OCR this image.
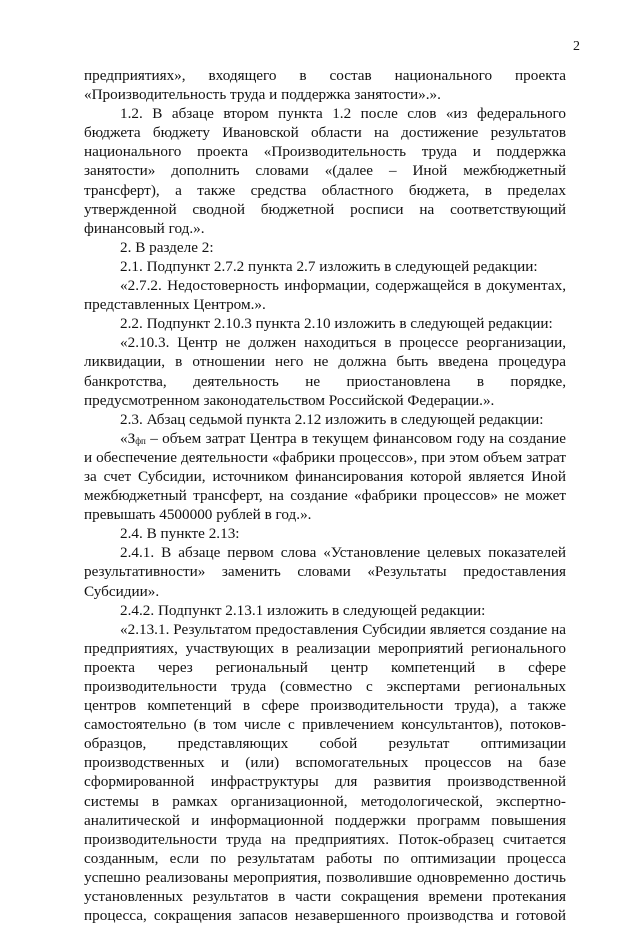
2

предприятиях», входящего в состав национального проекта «Производительность труда и поддержка занятости».».

1.2. В абзаце втором пункта 1.2 после слов «из федерального бюджета бюджету Ивановской области на достижение результатов национального проекта «Производительность труда и поддержка занятости» дополнить словами «(далее – Иной межбюджетный трансферт), а также средства областного бюджета, в пределах утвержденной сводной бюджетной росписи на соответствующий финансовый год.».

2. В разделе 2:

2.1. Подпункт 2.7.2 пункта 2.7 изложить в следующей редакции:

«2.7.2. Недостоверность информации, содержащейся в документах, представленных Центром.».

2.2. Подпункт 2.10.3 пункта 2.10 изложить в следующей редакции:

«2.10.3. Центр не должен находиться в процессе реорганизации, ликвидации, в отношении него не должна быть введена процедура банкротства, деятельность не приостановлена в порядке, предусмотренном законодательством Российской Федерации.».

2.3. Абзац седьмой пункта 2.12 изложить в следующей редакции:

«$З_{фп}$ – объем затрат Центра в текущем финансовом году на создание и обеспечение деятельности «фабрики процессов», при этом объем затрат за счет Субсидии, источником финансирования которой является Иной межбюджетный трансферт, на создание «фабрики процессов» не может превышать 4500000 рублей в год.».

2.4. В пункте 2.13:

2.4.1. В абзаце первом слова «Установление целевых показателей результативности» заменить словами «Результаты предоставления Субсидии».

2.4.2. Подпункт 2.13.1 изложить в следующей редакции:

«2.13.1. Результатом предоставления Субсидии является создание на предприятиях, участвующих в реализации мероприятий регионального проекта через региональный центр компетенций в сфере производительности труда (совместно с экспертами региональных центров компетенций в сфере производительности труда), а также самостоятельно (в том числе с привлечением консультантов), потоков-образцов, представляющих собой результат оптимизации производственных и (или) вспомогательных процессов на базе сформированной инфраструктуры для развития производственной системы в рамках организационной, методологической, экспертно-аналитической и информационной поддержки программ повышения производительности труда на предприятиях. Поток-образец считается созданным, если по результатам работы по оптимизации процесса успешно реализованы мероприятия, позволившие одновременно достичь установленных результатов в части сокращения времени протекания процесса, сокращения запасов незавершенного производства и готовой
